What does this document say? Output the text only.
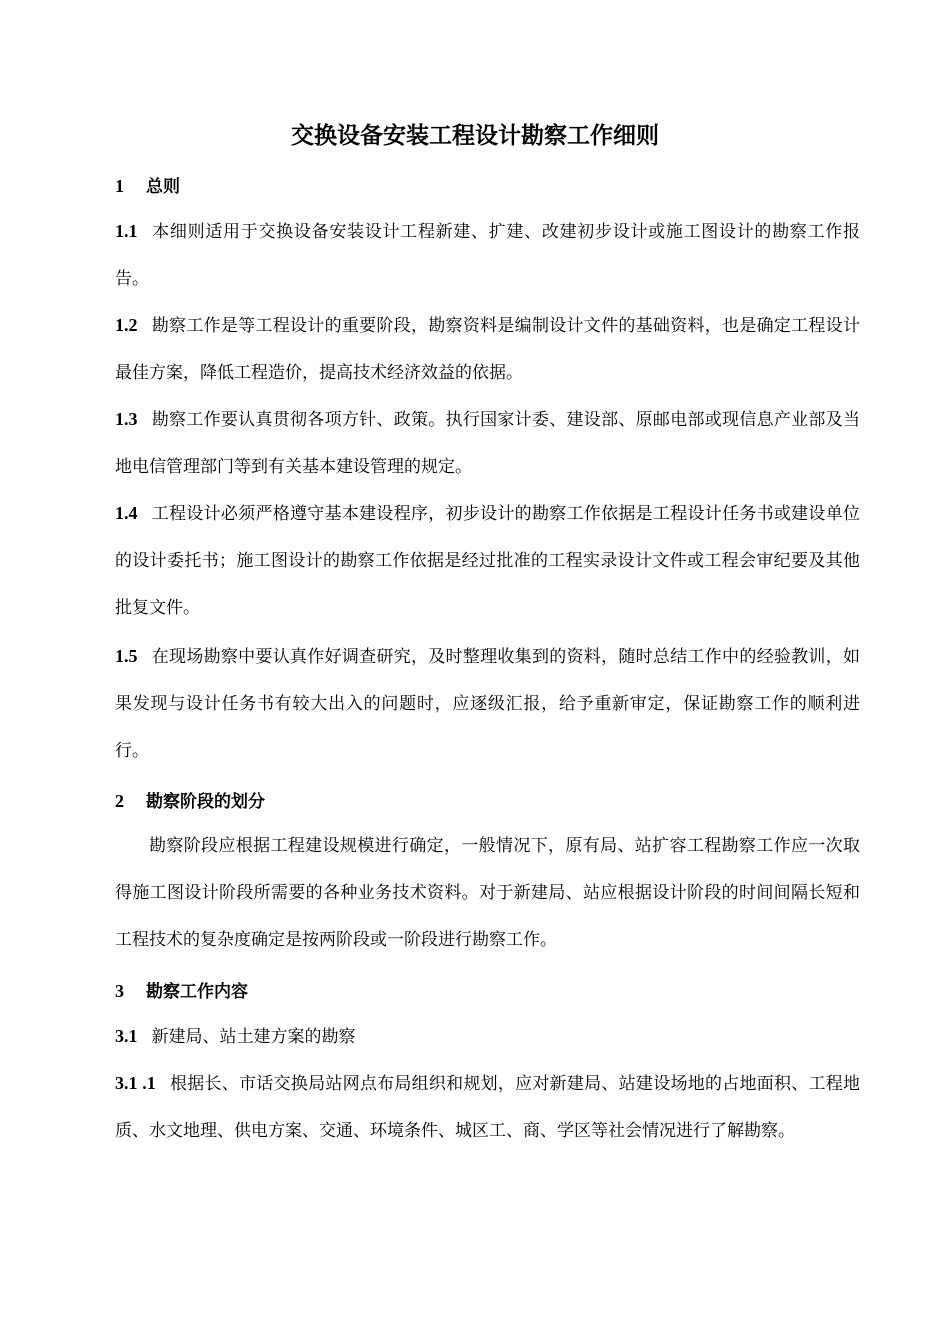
交换设备安装工程设计勘察工作细则
1 总则
1.1 本细则适用于交换设备安装设计工程新建、扩建、改建初步设计或施工图设计的勘察工作报告。
1.2 勘察工作是等工程设计的重要阶段，勘察资料是编制设计文件的基础资料，也是确定工程设计最佳方案，降低工程造价，提高技术经济效益的依据。
1.3 勘察工作要认真贯彻各项方针、政策。执行国家计委、建设部、原邮电部或现信息产业部及当地电信管理部门等到有关基本建设管理的规定。
1.4 工程设计必须严格遵守基本建设程序，初步设计的勘察工作依据是工程设计任务书或建设单位的设计委托书；施工图设计的勘察工作依据是经过批准的工程实录设计文件或工程会审纪要及其他批复文件。
1.5 在现场勘察中要认真作好调查研究，及时整理收集到的资料，随时总结工作中的经验教训，如果发现与设计任务书有较大出入的问题时，应逐级汇报，给予重新审定，保证勘察工作的顺利进行。
2 勘察阶段的划分
勘察阶段应根据工程建设规模进行确定，一般情况下，原有局、站扩容工程勘察工作应一次取得施工图设计阶段所需要的各种业务技术资料。对于新建局、站应根据设计阶段的时间间隔长短和工程技术的复杂度确定是按两阶段或一阶段进行勘察工作。
3 勘察工作内容
3.1 新建局、站土建方案的勘察
3.1 .1 根据长、市话交换局站网点布局组织和规划，应对新建局、站建设场地的占地面积、工程地质、水文地理、供电方案、交通、环境条件、城区工、商、学区等社会情况进行了解勘察。
